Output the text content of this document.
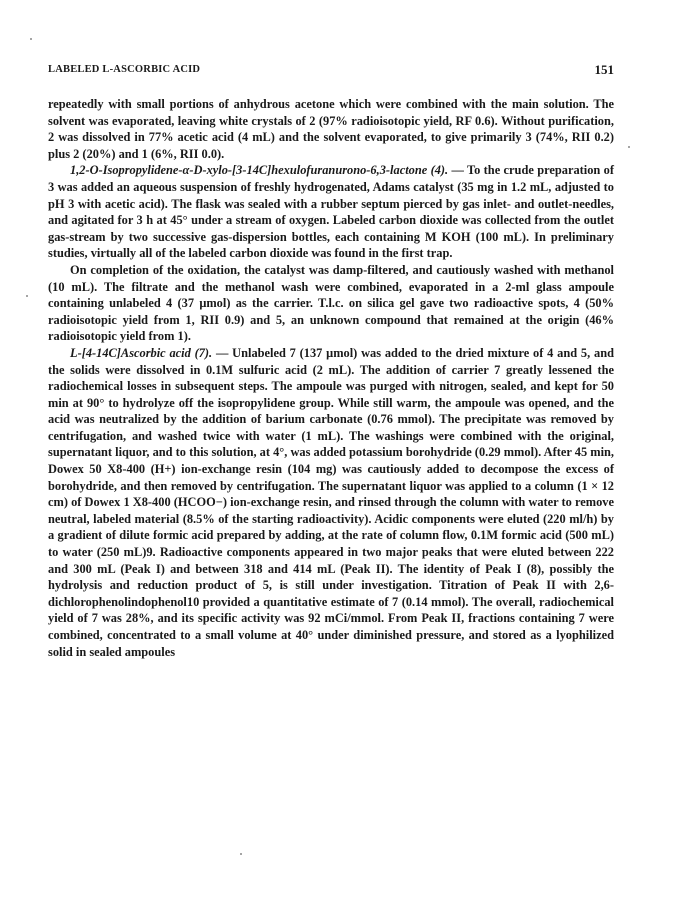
LABELED L-ASCORBIC ACID	151

repeatedly with small portions of anhydrous acetone which were combined with the main solution. The solvent was evaporated, leaving white crystals of 2 (97% radioisotopic yield, RF 0.6). Without purification, 2 was dissolved in 77% acetic acid (4 mL) and the solvent evaporated, to give primarily 3 (74%, RII 0.2) plus 2 (20%) and 1 (6%, RII 0.0).

1,2-O-Isopropylidene-α-D-xylo-[3-14C]hexulofuranurono-6,3-lactone (4). — To the crude preparation of 3 was added an aqueous suspension of freshly hydrogenated, Adams catalyst (35 mg in 1.2 mL, adjusted to pH 3 with acetic acid). The flask was sealed with a rubber septum pierced by gas inlet- and outlet-needles, and agitated for 3 h at 45° under a stream of oxygen. Labeled carbon dioxide was collected from the outlet gas-stream by two successive gas-dispersion bottles, each containing M KOH (100 mL). In preliminary studies, virtually all of the labeled carbon dioxide was found in the first trap.

On completion of the oxidation, the catalyst was damp-filtered, and cautiously washed with methanol (10 mL). The filtrate and the methanol wash were combined, evaporated in a 2-ml glass ampoule containing unlabeled 4 (37 μmol) as the carrier. T.l.c. on silica gel gave two radioactive spots, 4 (50% radioisotopic yield from 1, RII 0.9) and 5, an unknown compound that remained at the origin (46% radioisotopic yield from 1).

L-[4-14C]Ascorbic acid (7). — Unlabeled 7 (137 μmol) was added to the dried mixture of 4 and 5, and the solids were dissolved in 0.1M sulfuric acid (2 mL). The addition of carrier 7 greatly lessened the radiochemical losses in subsequent steps. The ampoule was purged with nitrogen, sealed, and kept for 50 min at 90° to hydrolyze off the isopropylidene group. While still warm, the ampoule was opened, and the acid was neutralized by the addition of barium carbonate (0.76 mmol). The precipitate was removed by centrifugation, and washed twice with water (1 mL). The washings were combined with the original, supernatant liquor, and to this solution, at 4°, was added potassium borohydride (0.29 mmol). After 45 min, Dowex 50 X8-400 (H+) ion-exchange resin (104 mg) was cautiously added to decompose the excess of borohydride, and then removed by centrifugation. The supernatant liquor was applied to a column (1 × 12 cm) of Dowex 1 X8-400 (HCOO−) ion-exchange resin, and rinsed through the column with water to remove neutral, labeled material (8.5% of the starting radioactivity). Acidic components were eluted (220 ml/h) by a gradient of dilute formic acid prepared by adding, at the rate of column flow, 0.1M formic acid (500 mL) to water (250 mL)9. Radioactive components appeared in two major peaks that were eluted between 222 and 300 mL (Peak I) and between 318 and 414 mL (Peak II). The identity of Peak I (8), possibly the hydrolysis and reduction product of 5, is still under investigation. Titration of Peak II with 2,6-dichlorophenolindophenol10 provided a quantitative estimate of 7 (0.14 mmol). The overall, radiochemical yield of 7 was 28%, and its specific activity was 92 mCi/mmol. From Peak II, fractions containing 7 were combined, concentrated to a small volume at 40° under diminished pressure, and stored as a lyophilized solid in sealed ampoules
